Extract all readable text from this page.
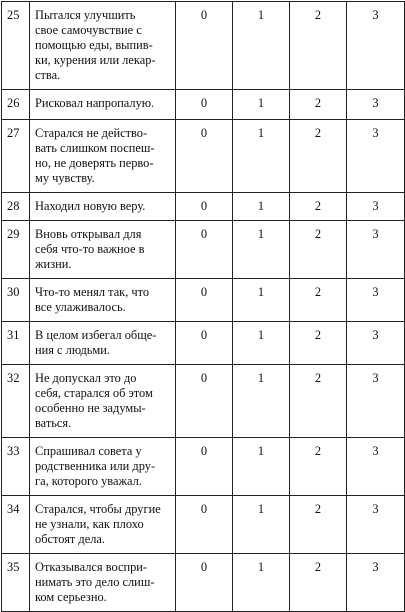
25	Пытался улучшить
свое самочувствие с
помощью еды, выпив-
ки, курения или лекар-
ства.	0	1	2	3

26	Рисковал напропалую.	0	1	2	3

27	Старался не действо-
вать слишком поспеш-
но, не доверять перво-
му чувству.	0	1	2	3

28	Находил новую веру.	0	1	2	3

29	Вновь открывал для
себя что-то важное в
жизни.	0	1	2	3

30	Что-то менял так, что
все улаживалось.	0	1	2	3

31	В целом избегал обще-
ния с людьми.	0	1	2	3

32	Не допускал это до
себя, старался об этом
особенно не задумы-
ваться.	0	1	2	3

33	Спрашивал совета у
родственника или дру-
га, которого уважал.	0	1	2	3

34	Старался, чтобы другие
не узнали, как плохо
обстоят дела.	0	1	2	3

35	Отказывался воспри-
нимать это дело слиш-
ком серьезно.	0	1	2	3
